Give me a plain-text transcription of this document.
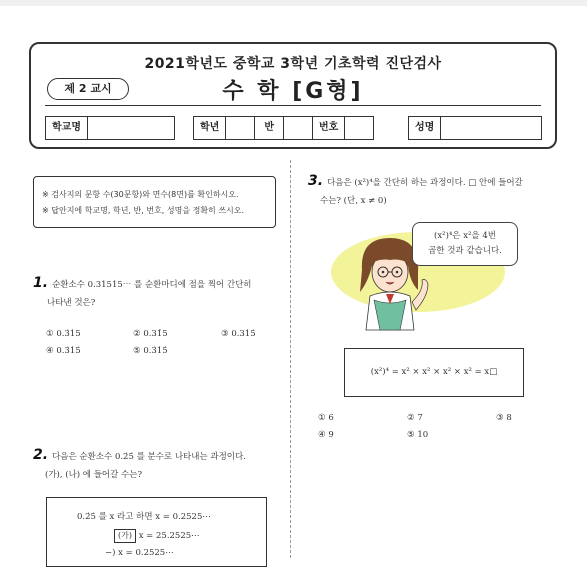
2021학년도 중학교 3학년 기초학력 진단검사
제 2 교시	수 학 [G형]
학교명	학년	반	번호	성명
※ 검사지의 문항 수(30문항)와 면수(8면)를 확인하시오.
※ 답안지에 학교명, 학년, 반, 번호, 성명을 정확히 쓰시오.
1. 순환소수 0.31515⋯ 를 순환마디에 점을 찍어 간단히
나타낸 것은?
① 0.3̇15	② 0.31̇5	③ 0.315̇
④ 0.3̇15̇	⑤ 0.3̇15̇
2. 다음은 순환소수 0.2̇5̇ 를 분수로 나타내는 과정이다.
(가), (나) 에 들어갈 수는?
0.2̇5̇ 를 x 라고 하면 x = 0.2525⋯
(가) x = 25.2525⋯
−) x = 0.2525⋯
3. 다음은 (x²)⁴을 간단히 하는 과정이다. □ 안에 들어갈
수는? (단, x ≠ 0)
(x²)⁴은 x²을 4번
곱한 것과 같습니다.
(x²)⁴ = x² × x² × x² × x² = x□
① 6	② 7	③ 8
④ 9	⑤ 10
